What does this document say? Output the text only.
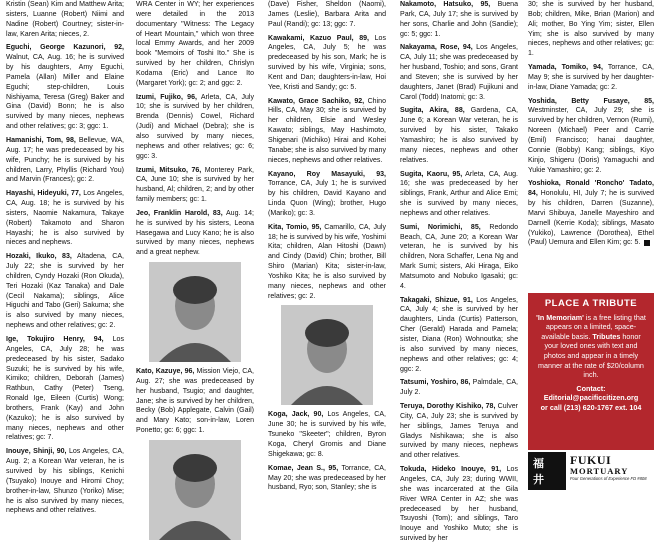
Kristin (Sean) Kim and Matthew Arita; sisters, Luanne (Robert) Niimi and Nadine (Robert) Courtney; sister-in-law, Karen Arita; nieces, 2.

Eguchi, George Kazunori, 92, Walnut, CA, Aug. 16; he is survived by his daughters, Amy Eguchi, Pamela (Allan) Miller and Elaine Eguchi; step-children, Louis Nishiyama, Teresa (Greg) Baker and Gina (David) Bonn; he is also survived by many nieces, nephews and other relatives; gc: 3; ggc: 1.

Hamanishi, Tom, 98, Bellevue, WA, Aug. 17; he was predeceased by his wife, Punchy; he is survived by his children, Larry, Phyllis (Richard You) and Marvin (Frances); gc: 2.

Hayashi, Hideyuki, 77, Los Angeles, CA, Aug. 18; he is survived by his sisters, Naomie Nakamura, Takaye (Robert) Takamoto and Sharon Hayashi; he is also survived by nieces and nephews.

Hozaki, Ikuko, 83, Altadena, CA, July 22; she is survived by her children, Cyndy Hozaki (Ron Okuda), Teri Hozaki (Kaz Tanaka) and Dale (Cecil Nakama); siblings, Alice Higuchi and Tabo (Geri) Sakuma; she is also survived by many nieces, nephews and other relatives; gc: 2.

Ige, Tokujiro Henry, 94, Los Angeles, CA, July 28; he was predeceased by his sister, Sadako Suzuki; he is survived by his wife, Kimiko; children, Deborah (James) Rathbun, Cathy (Peter) Tseng, Ronald Ige, Eileen (Curtis) Wong; brothers, Frank (Kay) and John (Kazuko); he is also survived by many nieces, nephews and other relatives; gc: 7.

Inouye, Shinji, 90, Los Angeles, CA, Aug. 2; a Korean War veteran, he is survived by his siblings, Kenichi (Tsuyako) Inouye and Hiromi Choy; brother-in-law, Shunzo (Yoriko) Mise; he is also survived by many nieces, nephews and other relatives.

WRA Center in WY; her experiences were detailed in the 2013 documentary "Witness: The Legacy of Heart Mountain," which won three local Emmy Awards, and her 2009 book "Memoirs of Toshi Ito." She is survived by her children, Chrislyn Kodama (Eric) and Lance Ito (Margaret York); gc: 2; and ggc: 2.

Izumi, Fujiko, 96, Arleta, CA, July 10; she is survived by her children, Brenda (Dennis) Cowel, Richard (Judi) and Michael (Debra); she is also survived by many nieces, nephews and other relatives; gc: 6; ggc: 3.

Izumi, Mitsuko, 76, Monterey Park, CA, June 10; she is survived by her husband, Al; children, 2; and by other family members; gc: 1.

Jeo, Franklin Harold, 83, Aug. 14; he is survived by his sisters, Leona Hasegawa and Lucy Kano; he is also survived by many nieces, nephews and a great nephew.

Kato, Kazuye, 96, Mission Viejo, CA, Aug. 27; she was predeceased by her husband, Tsugio; and daughter, Jane; she is survived by her children, Becky (Bob) Applegate, Calvin (Gail) and Mary Kato; son-in-law, Loren Ponetto; gc: 6; ggc: 1.

(Dave) Fisher, Sheldon (Naomi), James (Leslie), Barbara Arita and Paul (Randi); gc: 13; ggc: 7.

Kawakami, Kazuo Paul, 89, Los Angeles, CA, July 5; he was predeceased by his son, Mark; he is survived by his wife, Virginia; sons, Kent and Dan; daughters-in-law, Hoi Yee, Kristi and Sandy; gc: 5.

Kawato, Grace Sachiko, 92, Chino Hills, CA, May 30; she is survived by her children, Elsie and Wesley Kawato; siblings, May Hashimoto, Shigenari (Michiko) Hirai and Kohei Tanabe; she is also survived by many nieces, nephews and other relatives.

Kayano, Roy Masayuki, 93, Torrance, CA, July 1; he is survived by his children, David Kayano and Linda Quon (Wing); brother, Hugo (Mariko); gc: 3.

Kita, Tomio, 95, Camarillo, CA, July 18; he is survived by his wife, Yoshimi Kita; children, Alan Hitoshi (Dawn) and Cindy (David) Chin; brother, Bill Shiro (Marian) Kita; sister-in-law, Yoshiko Kita; he is also survived by many nieces, nephews and other relatives; gc: 2.

Koga, Jack, 90, Los Angeles, CA, June 30; he is survived by his wife, Tsuneko "Skeeter"; children, Byron Koga, Cheryl Gromis and Diane Shigekawa; gc: 8.

Komae, Jean S., 95, Torrance, CA, May 20; she was predeceased by her husband, Ryo; son, Stanley; she is

Nakamoto, Hatsuko, 95, Buena Park, CA, July 17; she is survived by her sons, Charlie and John (Sandie); gc: 5; ggc: 1.

Nakayama, Rose, 94, Los Angeles, CA, July 11; she was predeceased by her husband, Toshio; and sons, Grant and Steven; she is survived by her daughters, Janet (Brad) Fujikuni and Carol (Todd) Inatomi; gc: 3.

Sugita, Akira, 88, Gardena, CA, June 6; a Korean War veteran, he is survived by his sister, Takako Yamashiro; he is also survived by many nieces, nephews and other relatives.

Sugita, Kaoru, 95, Arleta, CA, Aug. 16; she was predeceased by her siblings, Frank, Arthur and Alice Emi; she is survived by many nieces, nephews and other relatives.

Sumi, Norimichi, 85, Redondo Beach, CA, June 20; a Korean War veteran, he is survived by his children, Nora Schaffer, Lena Ng and Mark Sumi; sisters, Aki Hiraga, Eiko Matsumoto and Nobuko Igasaki; gc: 4.

Takagaki, Shizue, 91, Los Angeles, CA, July 4; she is survived by her daughters, Linda (Curtis) Patterson, Cher (Gerald) Harada and Pamela; sister, Diana (Ron) Wohnoutka; she is also survived by many nieces, nephews and other relatives; gc: 4; ggc: 2.

Tatsumi, Yoshiro, 86, Palmdale, CA, July 2.

Teruya, Dorothy Kishiko, 78, Culver City, CA, July 23; she is survived by her siblings, James Teruya and Gladys Nishikawa; she is also survived by many nieces, nephews and other relatives.

Tokuda, Hideko Inouye, 91, Los Angeles, CA, July 23; during WWII, she was incarcerated at the Gila River WRA Center in AZ; she was predeceased by her husband, Tsuyoshi (Tom); and siblings, Taro Inouye and Yoshiko Muto; she is survived by her

30; she is survived by her husband, Bob; children, Mike, Brian (Marion) and Ali; mother, Bo Ying Yim; sister, Ellen Yim; she is also survived by many nieces, nephews and other relatives; gc: 1.

Yamada, Tomiko, 94, Torrance, CA, May 9; she is survived by her daughter-in-law, Diane Yamada; gc: 2.

Yoshida, Betty Fusaye, 85, Westminster, CA, July 29; she is survived by her children, Vernon (Rumi), Noreen (Michael) Peer and Carrie (Emil) Francisco; hanai daughter, Connie (Bobby) Kang; siblings, Kiyo Kinjo, Shigeru (Doris) Yamaguchi and Yukie Yamashiro; gc: 2.

Yoshioka, Ronald 'Roncho' Tadato, 84, Honolulu, HI, July 7; he is survived by his children, Darren (Suzanne), Marvi Shibuya, Janelle Mayeshiro and Darnell (Kerrie Koda); siblings, Masato (Yukiko), Lawrence (Dorothea), Ethel (Paul) Uemura and Ellen Kim; gc: 5.

PLACE A TRIBUTE
'In Memoriam' is a free listing that appears on a limited, space-available basis. Tributes honor your loved ones with text and photos and appear in a timely manner at the rate of $20/column inch.
Contact:
Editorial@pacificcitizen.org
or call (213) 620-1767 ext. 104
福
井
FUKUI
MORTUARY
Four Generations of Experience FD #808
